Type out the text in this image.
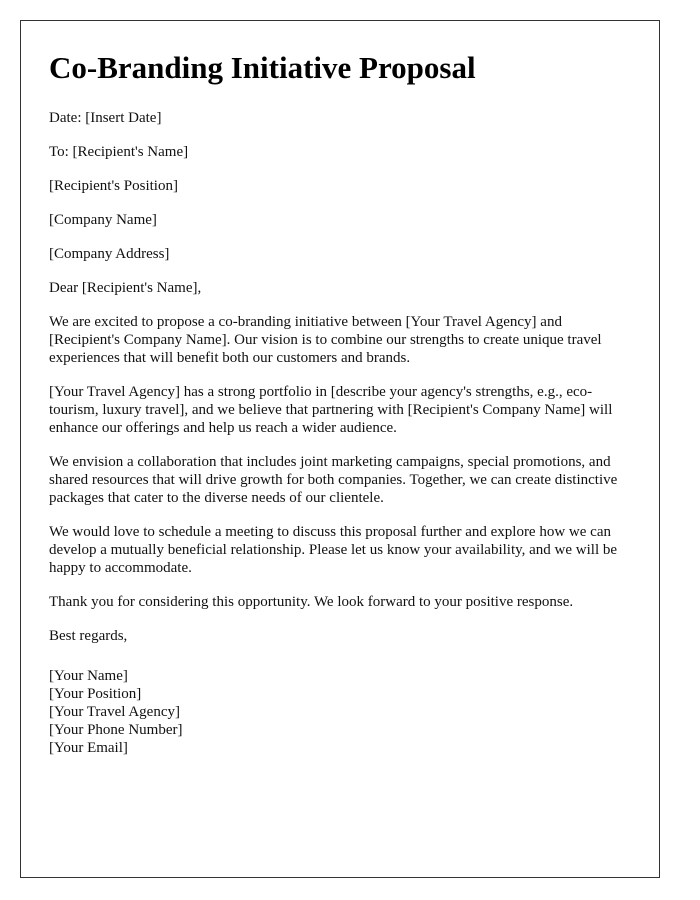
Co-Branding Initiative Proposal

Date: [Insert Date]

To: [Recipient's Name]

[Recipient's Position]

[Company Name]

[Company Address]

Dear [Recipient's Name],

We are excited to propose a co-branding initiative between [Your Travel Agency] and [Recipient's Company Name]. Our vision is to combine our strengths to create unique travel experiences that will benefit both our customers and brands.

[Your Travel Agency] has a strong portfolio in [describe your agency's strengths, e.g., eco-tourism, luxury travel], and we believe that partnering with [Recipient's Company Name] will enhance our offerings and help us reach a wider audience.

We envision a collaboration that includes joint marketing campaigns, special promotions, and shared resources that will drive growth for both companies. Together, we can create distinctive packages that cater to the diverse needs of our clientele.

We would love to schedule a meeting to discuss this proposal further and explore how we can develop a mutually beneficial relationship. Please let us know your availability, and we will be happy to accommodate.

Thank you for considering this opportunity. We look forward to your positive response.

Best regards,

[Your Name]
[Your Position]
[Your Travel Agency]
[Your Phone Number]
[Your Email]
